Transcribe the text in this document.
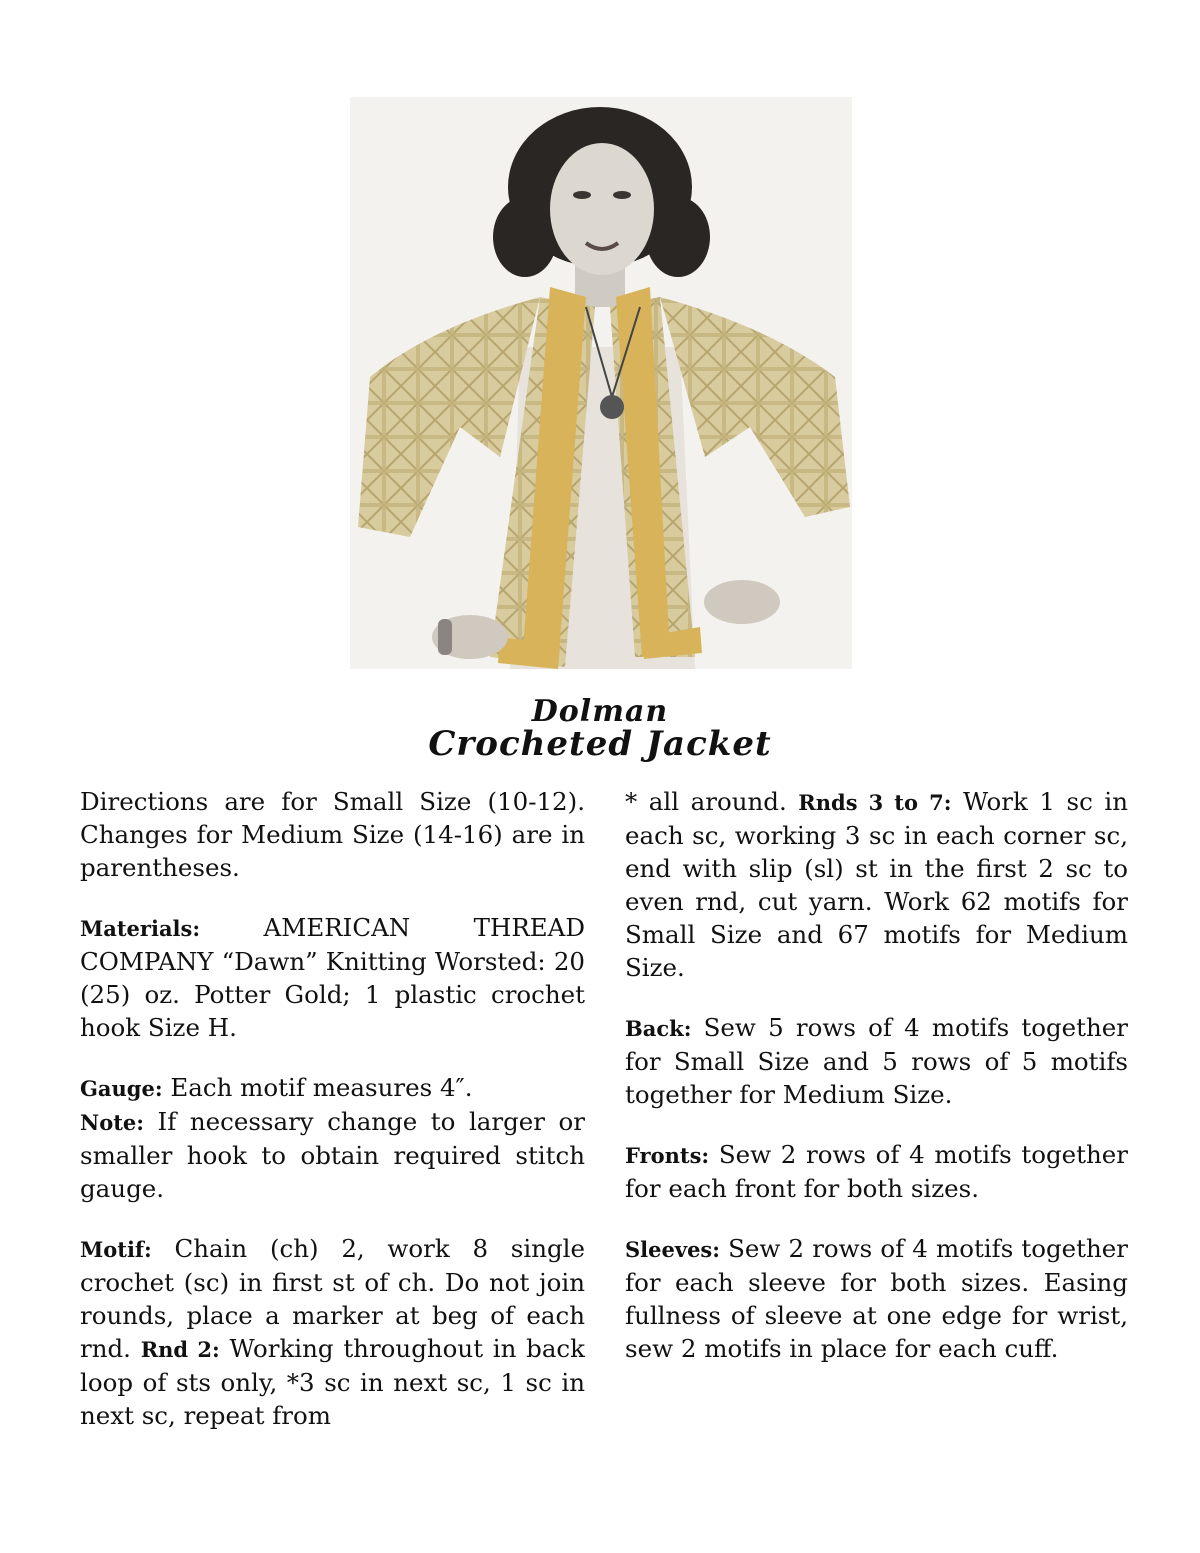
Dolman
Crocheted Jacket

Directions are for Small Size (10-12). Changes for Medium Size (14-16) are in parentheses.

Materials: AMERICAN THREAD COMPANY “Dawn” Knitting Worsted: 20 (25) oz. Potter Gold; 1 plastic crochet hook Size H.

Gauge: Each motif measures 4″.
Note: If necessary change to larger or smaller hook to obtain required stitch gauge.

Motif: Chain (ch) 2, work 8 single crochet (sc) in first st of ch. Do not join rounds, place a marker at beg of each rnd. Rnd 2: Working throughout in back loop of sts only, *3 sc in next sc, 1 sc in next sc, repeat from

* all around. Rnds 3 to 7: Work 1 sc in each sc, working 3 sc in each corner sc, end with slip (sl) st in the first 2 sc to even rnd, cut yarn. Work 62 motifs for Small Size and 67 motifs for Medium Size.

Back: Sew 5 rows of 4 motifs together for Small Size and 5 rows of 5 motifs together for Medium Size.

Fronts: Sew 2 rows of 4 motifs together for each front for both sizes.

Sleeves: Sew 2 rows of 4 motifs together for each sleeve for both sizes. Easing fullness of sleeve at one edge for wrist, sew 2 motifs in place for each cuff.
